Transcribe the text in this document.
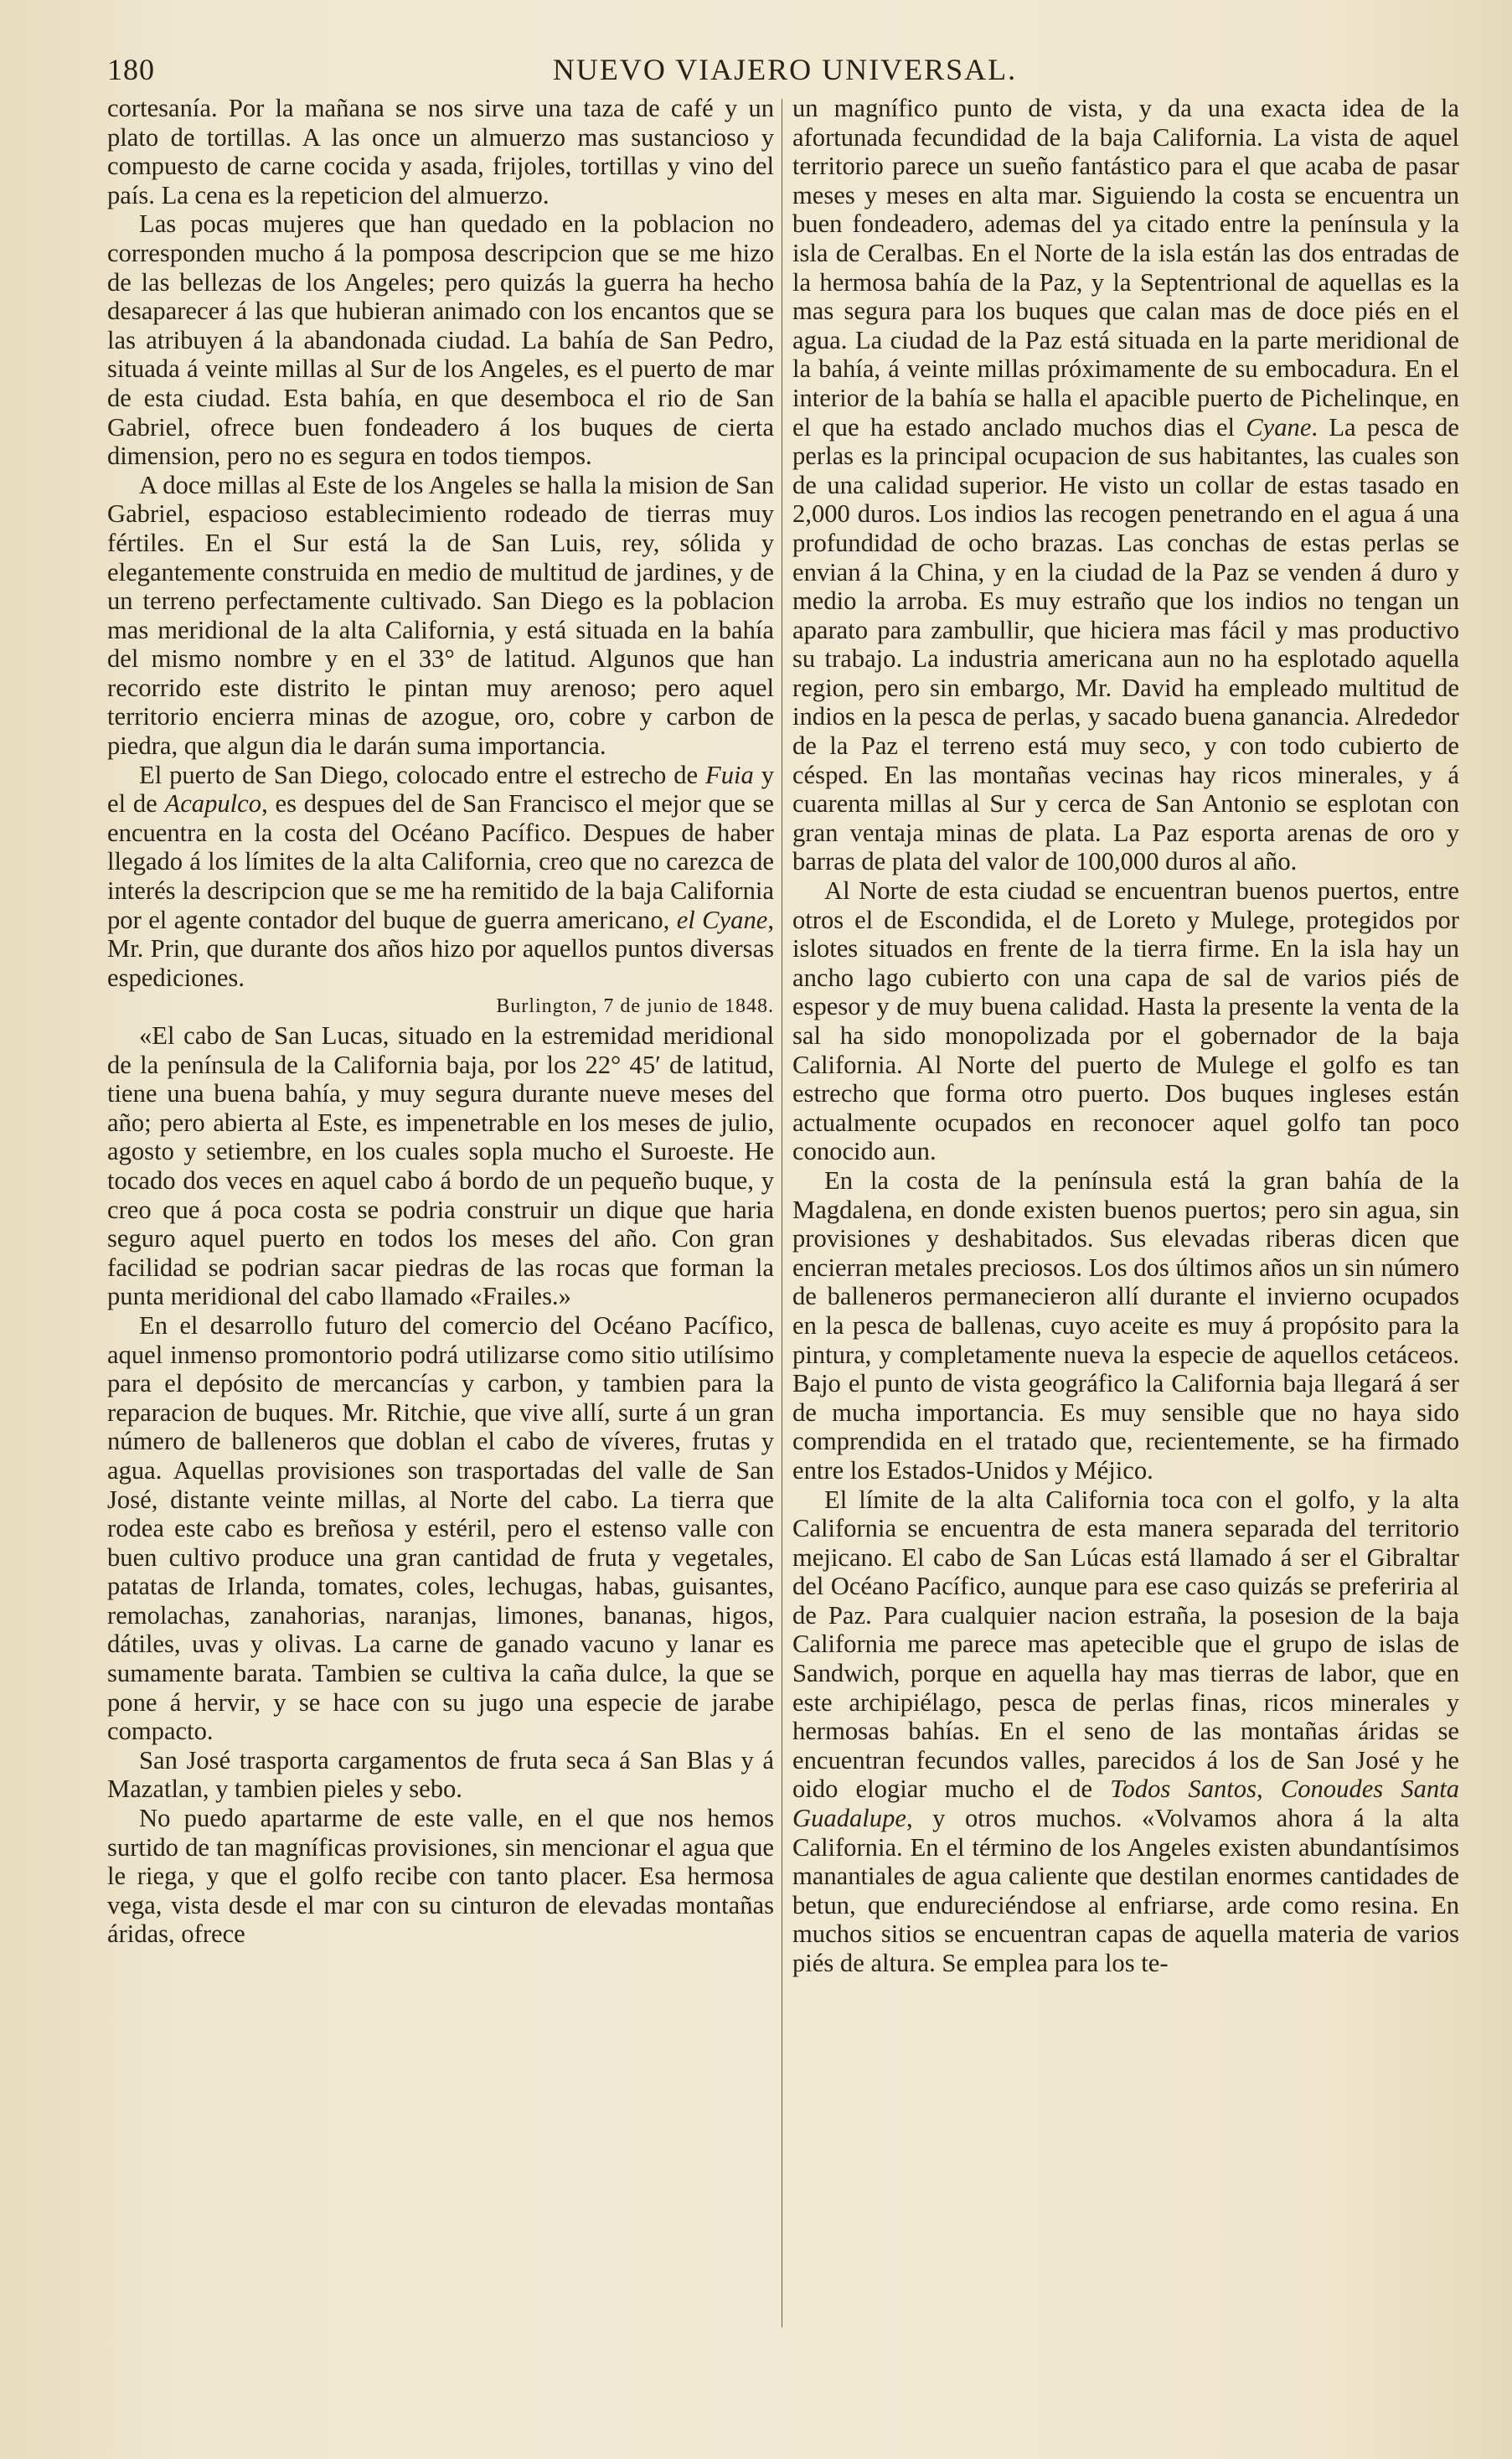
180	NUEVO VIAJERO UNIVERSAL.

cortesanía. Por la mañana se nos sirve una taza de café y un plato de tortillas. A las once un almuerzo mas sustancioso y compuesto de carne cocida y asada, frijoles, tortillas y vino del país. La cena es la repeticion del almuerzo.

Las pocas mujeres que han quedado en la poblacion no corresponden mucho á la pomposa descripcion que se me hizo de las bellezas de los Angeles; pero quizás la guerra ha hecho desaparecer á las que hubieran animado con los encantos que se las atribuyen á la abandonada ciudad. La bahía de San Pedro, situada á veinte millas al Sur de los Angeles, es el puerto de mar de esta ciudad. Esta bahía, en que desemboca el rio de San Gabriel, ofrece buen fondeadero á los buques de cierta dimension, pero no es segura en todos tiempos.

A doce millas al Este de los Angeles se halla la mision de San Gabriel, espacioso establecimiento rodeado de tierras muy fértiles. En el Sur está la de San Luis, rey, sólida y elegantemente construida en medio de multitud de jardines, y de un terreno perfectamente cultivado. San Diego es la poblacion mas meridional de la alta California, y está situada en la bahía del mismo nombre y en el 33° de latitud. Algunos que han recorrido este distrito le pintan muy arenoso; pero aquel territorio encierra minas de azogue, oro, cobre y carbon de piedra, que algun dia le darán suma importancia.

El puerto de San Diego, colocado entre el estrecho de Fuia y el de Acapulco, es despues del de San Francisco el mejor que se encuentra en la costa del Océano Pacífico. Despues de haber llegado á los límites de la alta California, creo que no carezca de interés la descripcion que se me ha remitido de la baja California por el agente contador del buque de guerra americano, el Cyane, Mr. Prin, que durante dos años hizo por aquellos puntos diversas espediciones.

Burlington, 7 de junio de 1848.

«El cabo de San Lucas, situado en la estremidad meridional de la península de la California baja, por los 22° 45′ de latitud, tiene una buena bahía, y muy segura durante nueve meses del año; pero abierta al Este, es impenetrable en los meses de julio, agosto y setiembre, en los cuales sopla mucho el Suroeste. He tocado dos veces en aquel cabo á bordo de un pequeño buque, y creo que á poca costa se podria construir un dique que haria seguro aquel puerto en todos los meses del año. Con gran facilidad se podrian sacar piedras de las rocas que forman la punta meridional del cabo llamado «Frailes.»

En el desarrollo futuro del comercio del Océano Pacífico, aquel inmenso promontorio podrá utilizarse como sitio utilísimo para el depósito de mercancías y carbon, y tambien para la reparacion de buques. Mr. Ritchie, que vive allí, surte á un gran número de balleneros que doblan el cabo de víveres, frutas y agua. Aquellas provisiones son trasportadas del valle de San José, distante veinte millas, al Norte del cabo. La tierra que rodea este cabo es breñosa y estéril, pero el estenso valle con buen cultivo produce una gran cantidad de fruta y vegetales, patatas de Irlanda, tomates, coles, lechugas, habas, guisantes, remolachas, zanahorias, naranjas, limones, bananas, higos, dátiles, uvas y olivas. La carne de ganado vacuno y lanar es sumamente barata. Tambien se cultiva la caña dulce, la que se pone á hervir, y se hace con su jugo una especie de jarabe compacto.

San José trasporta cargamentos de fruta seca á San Blas y á Mazatlan, y tambien pieles y sebo.

No puedo apartarme de este valle, en el que nos hemos surtido de tan magníficas provisiones, sin mencionar el agua que le riega, y que el golfo recibe con tanto placer. Esa hermosa vega, vista desde el mar con su cinturon de elevadas montañas áridas, ofrece

un magnífico punto de vista, y da una exacta idea de la afortunada fecundidad de la baja California. La vista de aquel territorio parece un sueño fantástico para el que acaba de pasar meses y meses en alta mar. Siguiendo la costa se encuentra un buen fondeadero, ademas del ya citado entre la península y la isla de Ceralbas. En el Norte de la isla están las dos entradas de la hermosa bahía de la Paz, y la Septentrional de aquellas es la mas segura para los buques que calan mas de doce piés en el agua. La ciudad de la Paz está situada en la parte meridional de la bahía, á veinte millas próximamente de su embocadura. En el interior de la bahía se halla el apacible puerto de Pichelinque, en el que ha estado anclado muchos dias el Cyane. La pesca de perlas es la principal ocupacion de sus habitantes, las cuales son de una calidad superior. He visto un collar de estas tasado en 2,000 duros. Los indios las recogen penetrando en el agua á una profundidad de ocho brazas. Las conchas de estas perlas se envian á la China, y en la ciudad de la Paz se venden á duro y medio la arroba. Es muy estraño que los indios no tengan un aparato para zambullir, que hiciera mas fácil y mas productivo su trabajo. La industria americana aun no ha esplotado aquella region, pero sin embargo, Mr. David ha empleado multitud de indios en la pesca de perlas, y sacado buena ganancia. Alrededor de la Paz el terreno está muy seco, y con todo cubierto de césped. En las montañas vecinas hay ricos minerales, y á cuarenta millas al Sur y cerca de San Antonio se esplotan con gran ventaja minas de plata. La Paz esporta arenas de oro y barras de plata del valor de 100,000 duros al año.

Al Norte de esta ciudad se encuentran buenos puertos, entre otros el de Escondida, el de Loreto y Mulege, protegidos por islotes situados en frente de la tierra firme. En la isla hay un ancho lago cubierto con una capa de sal de varios piés de espesor y de muy buena calidad. Hasta la presente la venta de la sal ha sido monopolizada por el gobernador de la baja California. Al Norte del puerto de Mulege el golfo es tan estrecho que forma otro puerto. Dos buques ingleses están actualmente ocupados en reconocer aquel golfo tan poco conocido aun.

En la costa de la península está la gran bahía de la Magdalena, en donde existen buenos puertos; pero sin agua, sin provisiones y deshabitados. Sus elevadas riberas dicen que encierran metales preciosos. Los dos últimos años un sin número de balleneros permanecieron allí durante el invierno ocupados en la pesca de ballenas, cuyo aceite es muy á propósito para la pintura, y completamente nueva la especie de aquellos cetáceos. Bajo el punto de vista geográfico la California baja llegará á ser de mucha importancia. Es muy sensible que no haya sido comprendida en el tratado que, recientemente, se ha firmado entre los Estados-Unidos y Méjico.

El límite de la alta California toca con el golfo, y la alta California se encuentra de esta manera separada del territorio mejicano. El cabo de San Lúcas está llamado á ser el Gibraltar del Océano Pacífico, aunque para ese caso quizás se preferiria al de Paz. Para cualquier nacion estraña, la posesion de la baja California me parece mas apetecible que el grupo de islas de Sandwich, porque en aquella hay mas tierras de labor, que en este archipiélago, pesca de perlas finas, ricos minerales y hermosas bahías. En el seno de las montañas áridas se encuentran fecundos valles, parecidos á los de San José y he oido elogiar mucho el de Todos Santos, Conoudes Santa Guadalupe, y otros muchos. «Volvamos ahora á la alta California. En el término de los Angeles existen abundantísimos manantiales de agua caliente que destilan enormes cantidades de betun, que endureciéndose al enfriarse, arde como resina. En muchos sitios se encuentran capas de aquella materia de varios piés de altura. Se emplea para los te-
